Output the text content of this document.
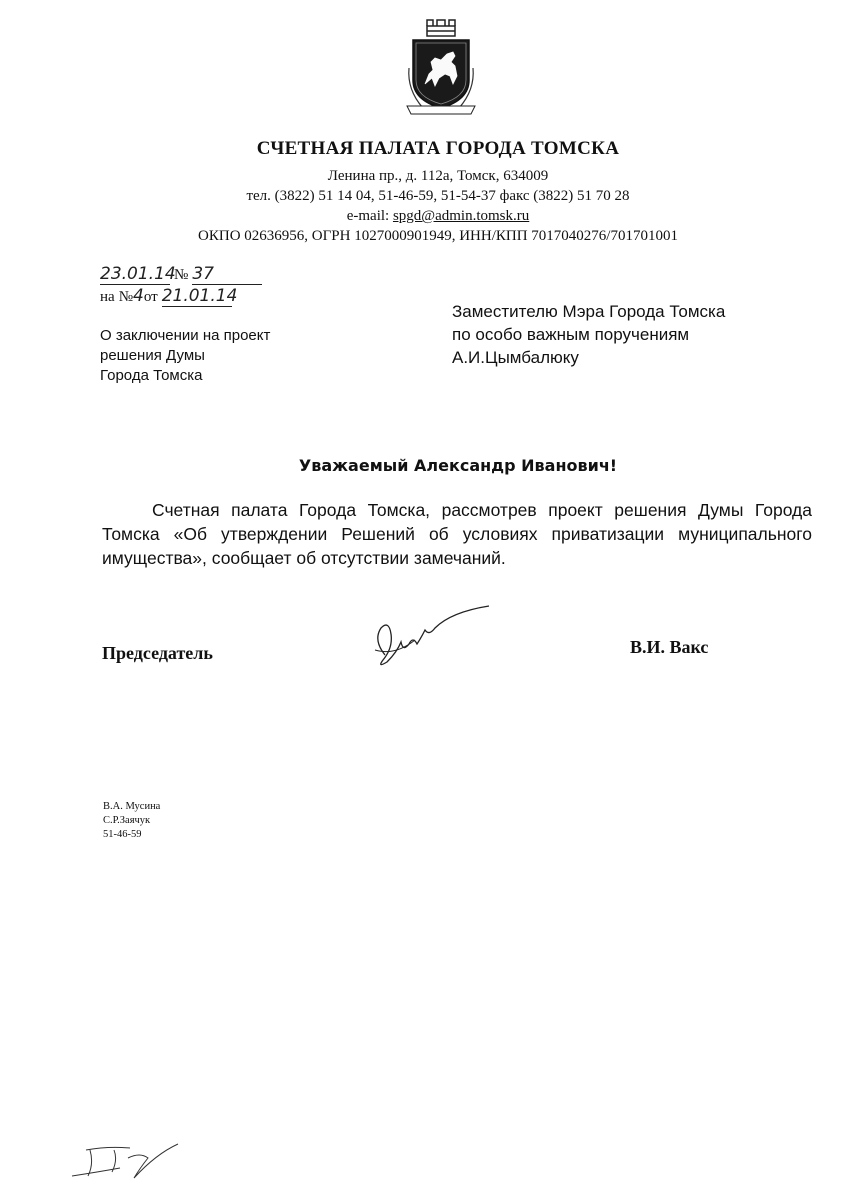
СЧЕТНАЯ ПАЛАТА ГОРОДА ТОМСКА
Ленина пр., д. 112а, Томск, 634009
тел. (3822) 51 14 04, 51-46-59, 51-54-37 факс (3822) 51 70 28
e-mail: spgd@admin.tomsk.ru
ОКПО 02636956, ОГРН 1027000901949, ИНН/КПП 7017040276/701701001
23.01.14 № 37
на №4от 21.01.14
О заключении на проект
решения Думы
Города Томска
Заместителю Мэра Города Томска
по особо важным поручениям
А.И.Цымбалюку
Уважаемый Александр Иванович!
Счетная палата Города Томска, рассмотрев проект решения Думы Города Томска «Об утверждении Решений об условиях приватизации муниципального имущества», сообщает об отсутствии замечаний.
Председатель	В.И. Вакс
В.А. Мусина
С.Р.Заячук
51-46-59
